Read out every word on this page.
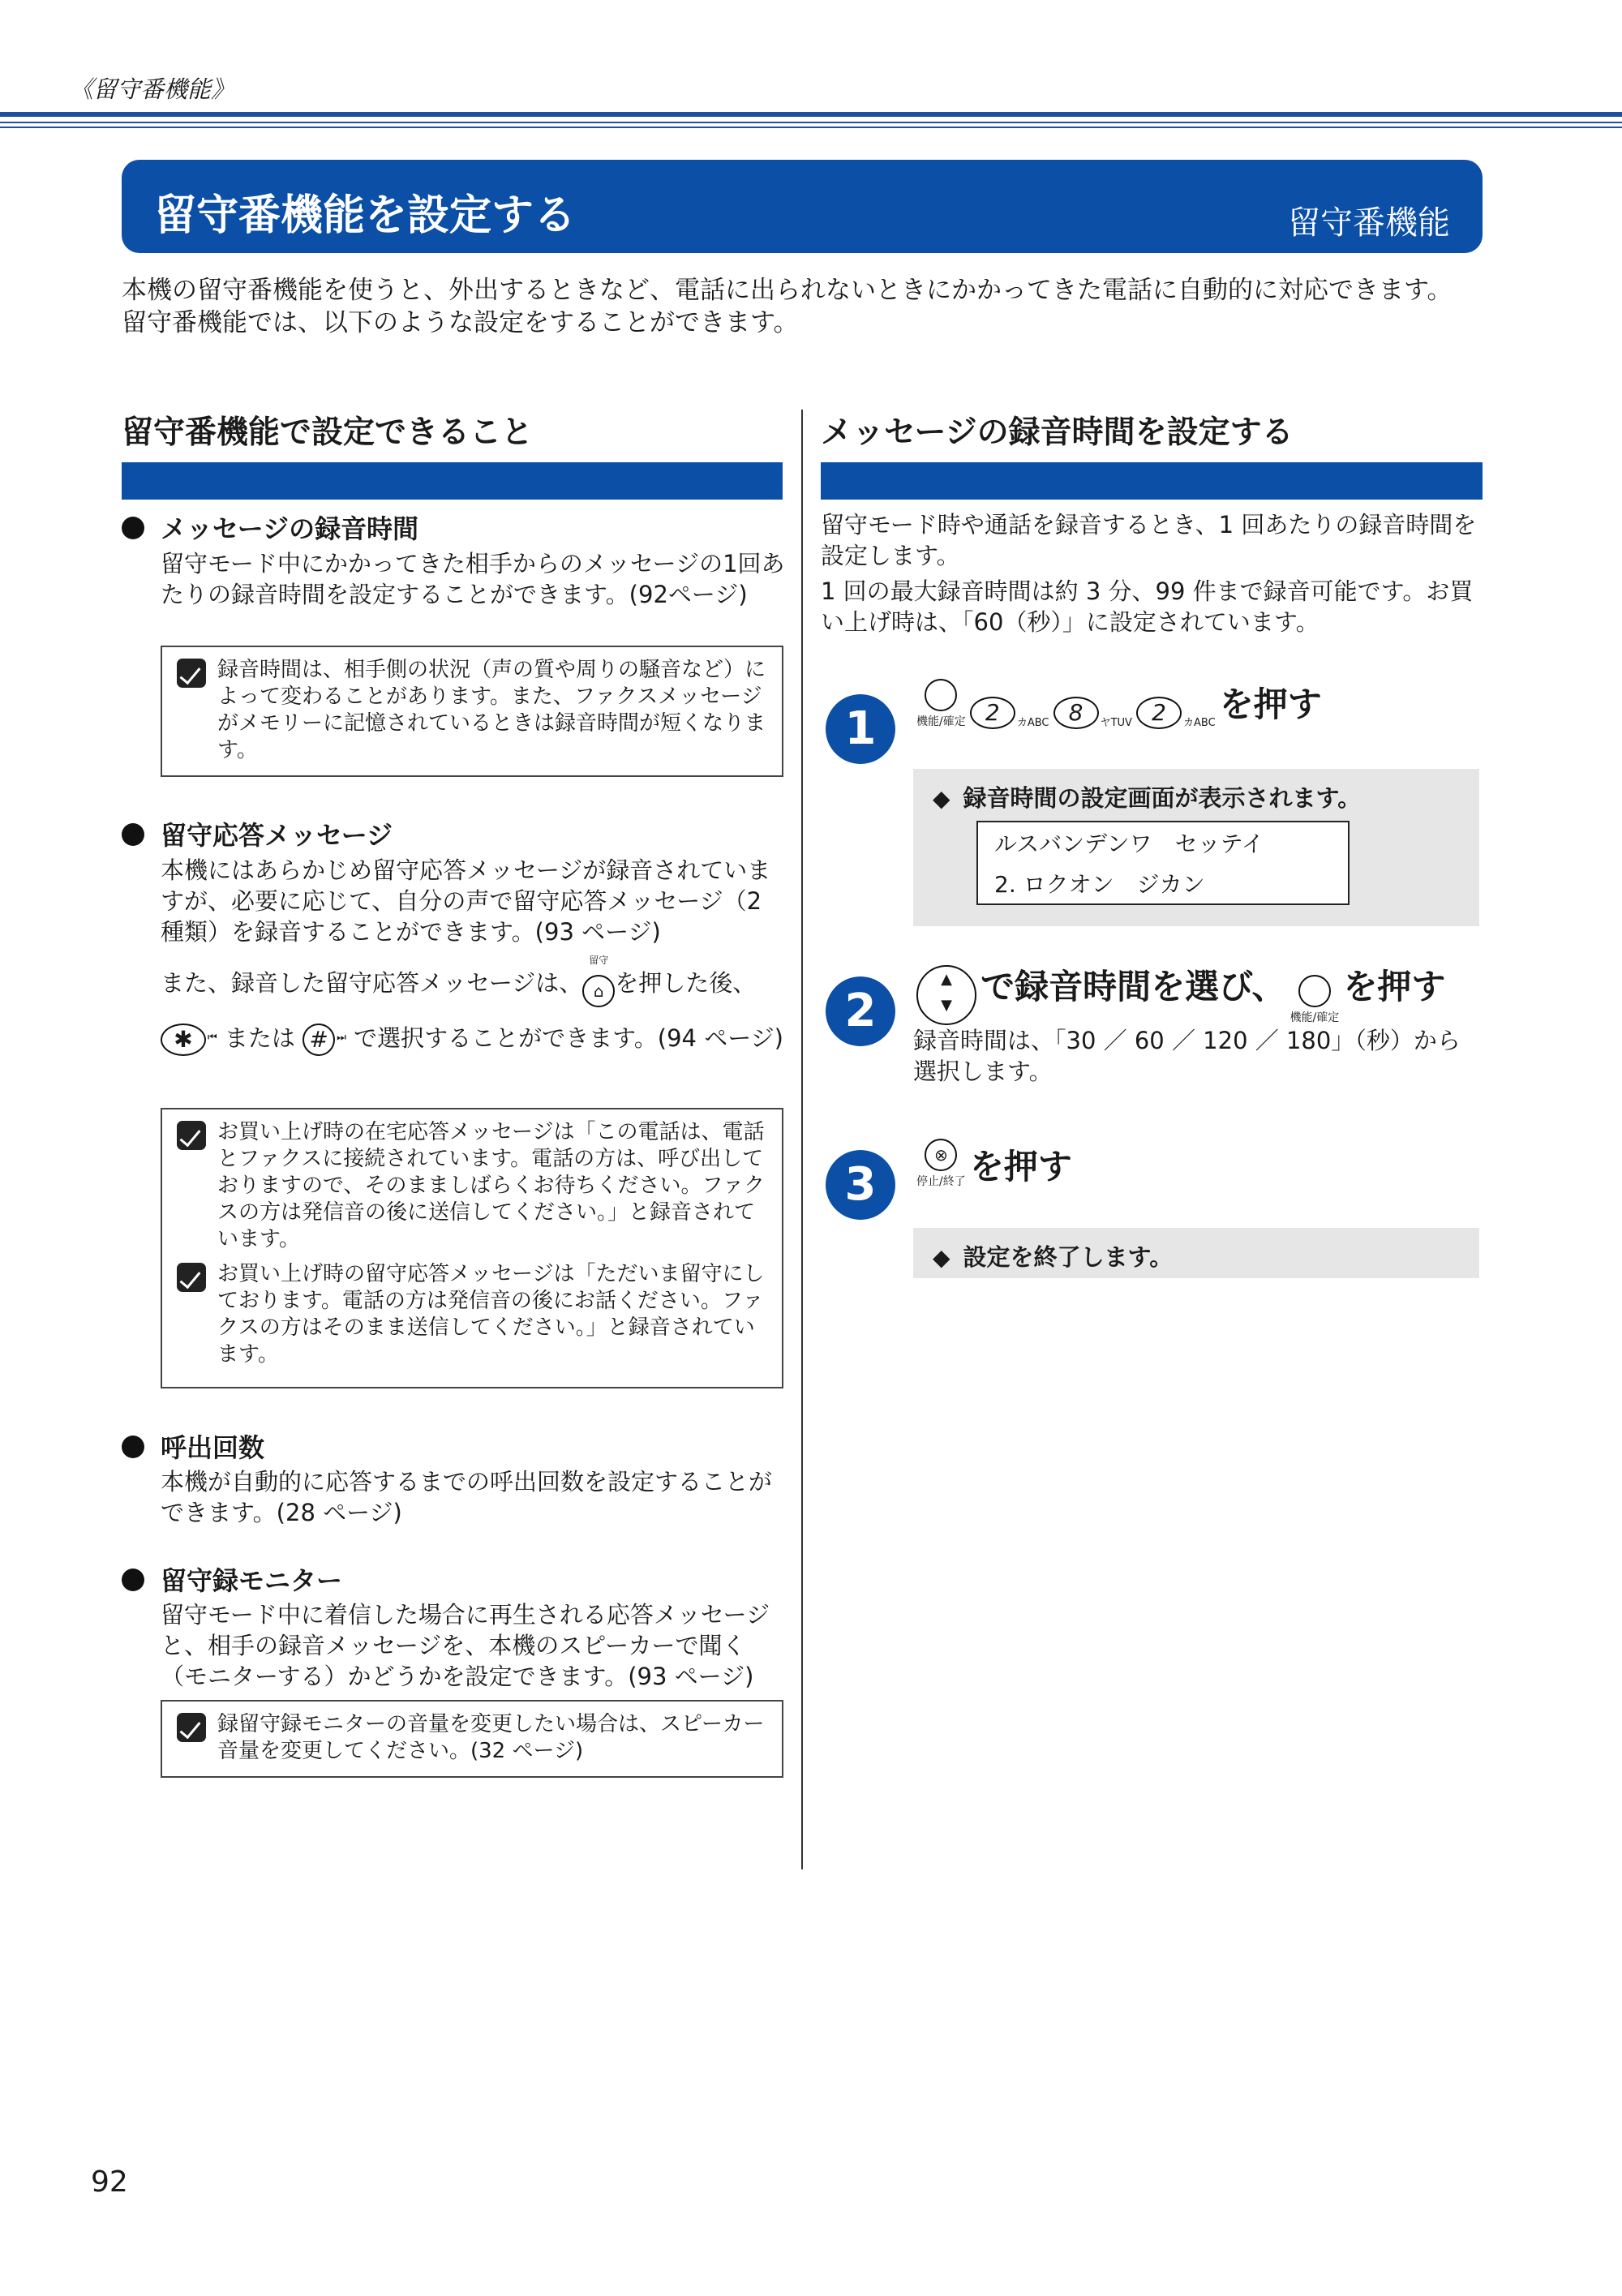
《留守番機能》
留守番機能を設定する	留守番機能
本機の留守番機能を使うと、外出するときなど、電話に出られないときにかかってきた電話に自動的に対応できます。
留守番機能では、以下のような設定をすることができます。
留守番機能で設定できること
メッセージの録音時間
留守モード中にかかってきた相手からのメッセージの1回あたりの録音時間を設定することができます。(92ページ)
録音時間は、相手側の状況（声の質や周りの騒音など）によって変わることがあります。また、ファクスメッセージがメモリーに記憶されているときは録音時間が短くなります。
留守応答メッセージ
本機にはあらかじめ留守応答メッセージが録音されていますが、必要に応じて、自分の声で留守応答メッセージ（2 種類）を録音することができます。(93 ページ)
また、録音した留守応答メッセージは、
留守
⌂ を押した後、
✱ ⏮ または # ⏭ で選択することができます。(94 ページ)
お買い上げ時の在宅応答メッセージは「この電話は、電話とファクスに接続されています。電話の方は、呼び出しておりますので、そのまましばらくお待ちください。ファクスの方は発信音の後に送信してください。」と録音されています。
お買い上げ時の留守応答メッセージは「ただいま留守にしております。電話の方は発信音の後にお話ください。ファクスの方はそのまま送信してください。」と録音されています。
呼出回数
本機が自動的に応答するまでの呼出回数を設定することができます。(28 ページ)
留守録モニター
留守モード中に着信した場合に再生される応答メッセージと、相手の録音メッセージを、本機のスピーカーで聞く（モニターする）かどうかを設定できます。(93 ページ)
録留守録モニターの音量を変更したい場合は、スピーカー音量を変更してください。(32 ページ)
メッセージの録音時間を設定する
留守モード時や通話を録音するとき、1 回あたりの録音時間を設定します。
1 回の最大録音時間は約 3 分、99 件まで録音可能です。お買い上げ時は、「60（秒）」に設定されています。
1	機能/確定 2 カABC 8 ヤTUV 2 カABC を押す
◆ 録音時間の設定画面が表示されます。
ルスバンデンワ　セッテイ
2. ロクオン　ジカン
2
▲
▼ で録音時間を選び、
機能/確定
を押す
録音時間は、「30 ／ 60 ／ 120 ／ 180」（秒）から選択します。
3
⊗
停止/終了 を押す
◆ 設定を終了します。
92
